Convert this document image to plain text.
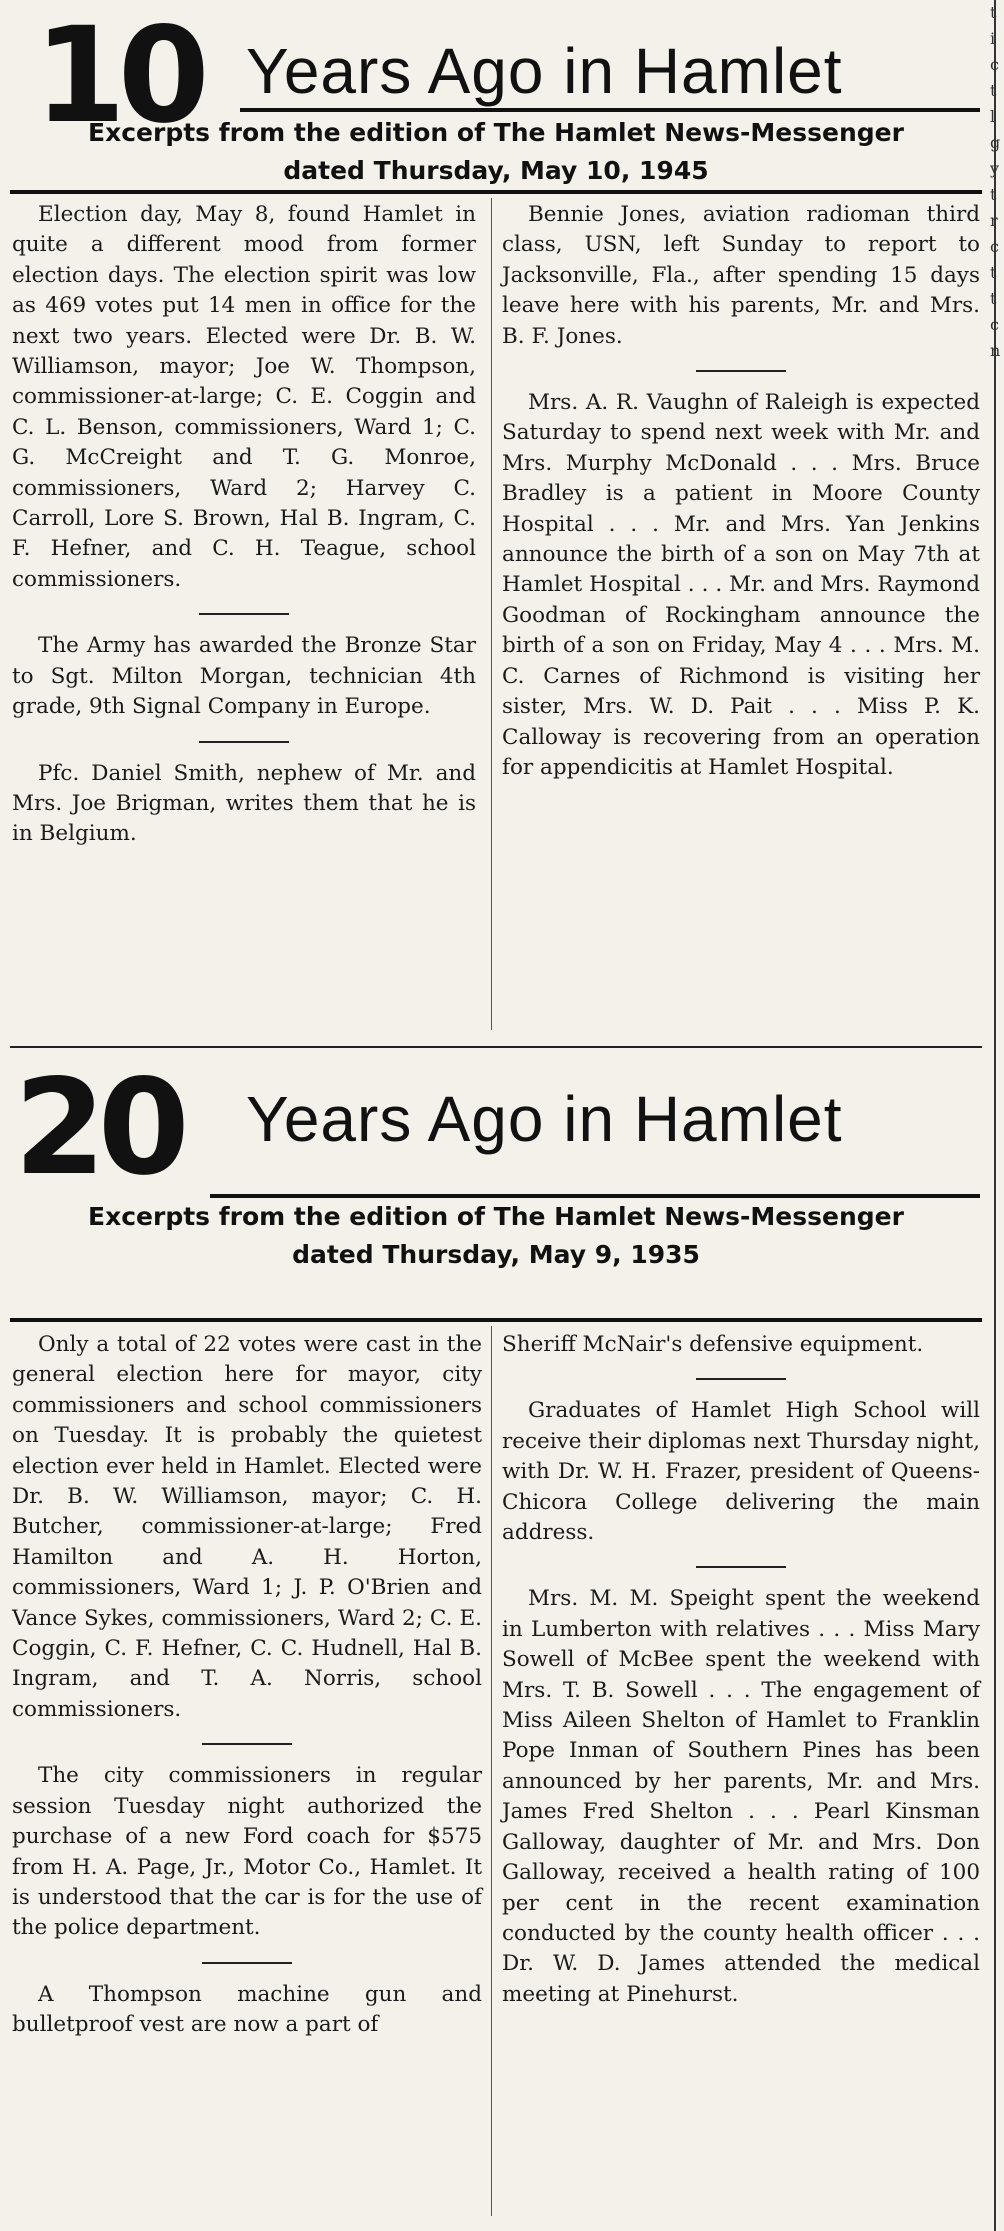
t i c t l g y t r c t t c n
10 Years Ago in Hamlet
Excerpts from the edition of The Hamlet News-Messenger
dated Thursday, May 10, 1945

Election day, May 8, found Hamlet in quite a different mood from former election days. The election spirit was low as 469 votes put 14 men in office for the next two years. Elected were Dr. B. W. Williamson, mayor; Joe W. Thompson, commissioner-at-large; C. E. Coggin and C. L. Benson, commissioners, Ward 1; C. G. McCreight and T. G. Monroe, commissioners, Ward 2; Harvey C. Carroll, Lore S. Brown, Hal B. Ingram, C. F. Hefner, and C. H. Teague, school commissioners.

The Army has awarded the Bronze Star to Sgt. Milton Morgan, technician 4th grade, 9th Signal Company in Europe.

Pfc. Daniel Smith, nephew of Mr. and Mrs. Joe Brigman, writes them that he is in Belgium.

Bennie Jones, aviation radioman third class, USN, left Sunday to report to Jacksonville, Fla., after spending 15 days leave here with his parents, Mr. and Mrs. B. F. Jones.

Mrs. A. R. Vaughn of Raleigh is expected Saturday to spend next week with Mr. and Mrs. Murphy McDonald . . . Mrs. Bruce Bradley is a patient in Moore County Hospital . . . Mr. and Mrs. Yan Jenkins announce the birth of a son on May 7th at Hamlet Hospital . . . Mr. and Mrs. Raymond Goodman of Rockingham announce the birth of a son on Friday, May 4 . . . Mrs. M. C. Carnes of Richmond is visiting her sister, Mrs. W. D. Pait . . . Miss P. K. Calloway is recovering from an operation for appendicitis at Hamlet Hospital.

20 Years Ago in Hamlet
Excerpts from the edition of The Hamlet News-Messenger
dated Thursday, May 9, 1935

Only a total of 22 votes were cast in the general election here for mayor, city commissioners and school commissioners on Tuesday. It is probably the quietest election ever held in Hamlet. Elected were Dr. B. W. Williamson, mayor; C. H. Butcher, commissioner-at-large; Fred Hamilton and A. H. Horton, commissioners, Ward 1; J. P. O'Brien and Vance Sykes, commissioners, Ward 2; C. E. Coggin, C. F. Hefner, C. C. Hudnell, Hal B. Ingram, and T. A. Norris, school commissioners.

The city commissioners in regular session Tuesday night authorized the purchase of a new Ford coach for $575 from H. A. Page, Jr., Motor Co., Hamlet. It is understood that the car is for the use of the police department.

A Thompson machine gun and bulletproof vest are now a part of

Sheriff McNair's defensive equipment.

Graduates of Hamlet High School will receive their diplomas next Thursday night, with Dr. W. H. Frazer, president of Queens-Chicora College delivering the main address.

Mrs. M. M. Speight spent the weekend in Lumberton with relatives . . . Miss Mary Sowell of McBee spent the weekend with Mrs. T. B. Sowell . . . The engagement of Miss Aileen Shelton of Hamlet to Franklin Pope Inman of Southern Pines has been announced by her parents, Mr. and Mrs. James Fred Shelton . . . Pearl Kinsman Galloway, daughter of Mr. and Mrs. Don Galloway, received a health rating of 100 per cent in the recent examination conducted by the county health officer . . . Dr. W. D. James attended the medical meeting at Pinehurst.
